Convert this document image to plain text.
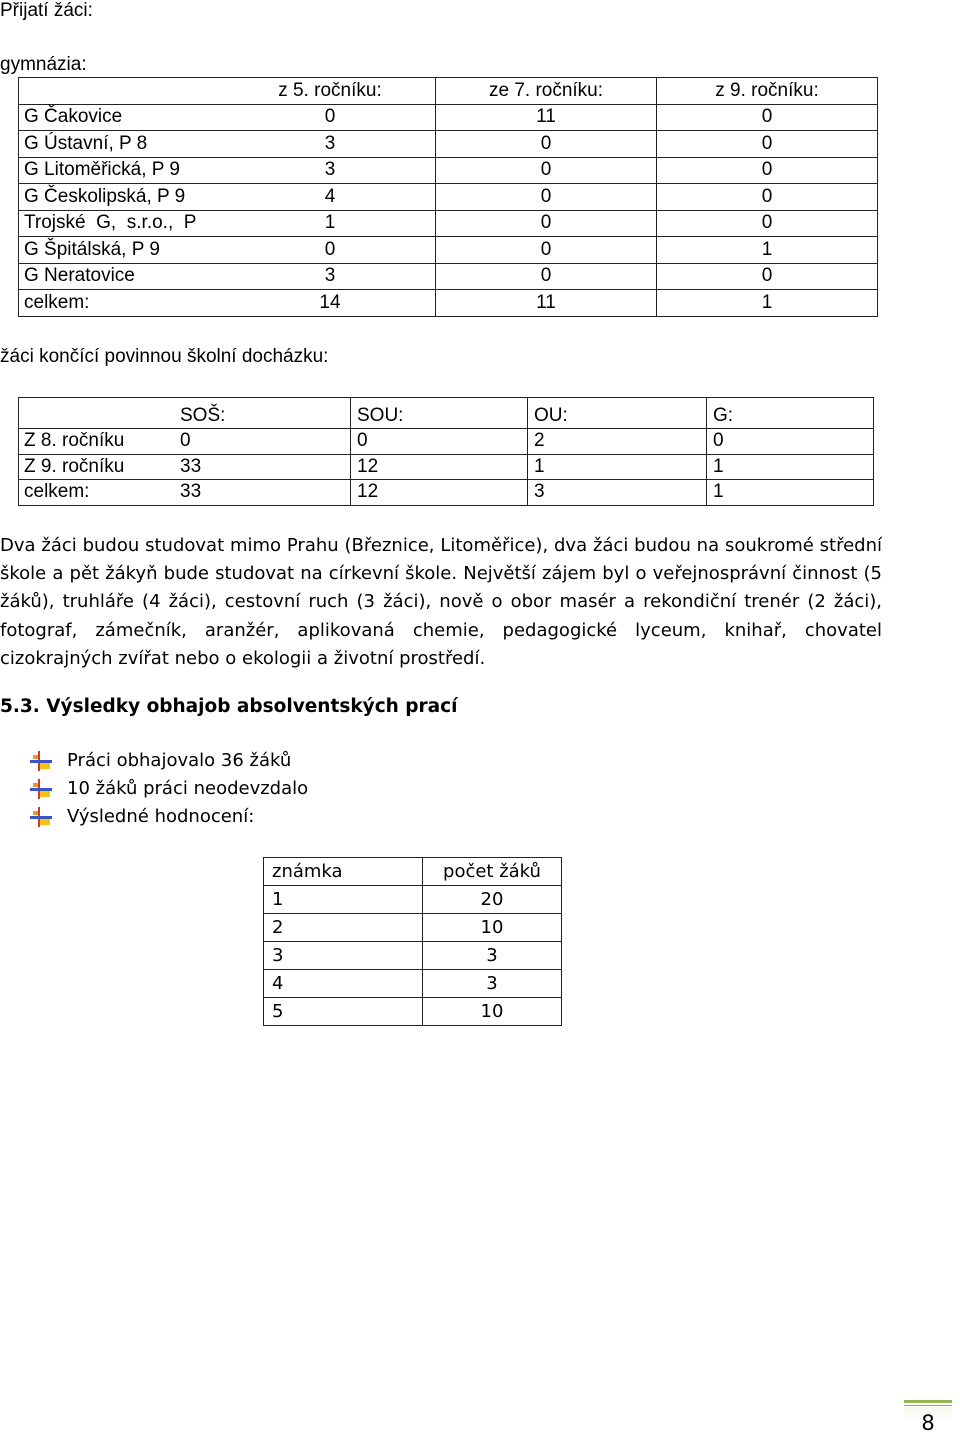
Přijatí žáci:
gymnázia:
	z 5. ročníku:	ze 7. ročníku:	z 9. ročníku:
G Čakovice	0	11	0
G Ústavní, P 8	3	0	0
G Litoměřická, P 9	3	0	0
G Českolipská, P 9	4	0	0
Trojské  G,  s.r.o.,  P	1	0	0
G Špitálská, P 9	0	0	1
G Neratovice	3	0	0
celkem:	14	11	1
žáci končící povinnou školní docházku:
	SOŠ:	SOU:	OU:	G:
Z 8. ročníku	0	0	2	0
Z 9. ročníku	33	12	1	1
celkem:	33	12	3	1
Dva žáci budou studovat mimo Prahu (Březnice, Litoměřice), dva žáci budou na soukromé střední škole a pět žákyň bude studovat na církevní škole. Největší zájem byl o veřejnosprávní činnost (5 žáků), truhláře (4 žáci), cestovní ruch (3 žáci), nově o obor masér a rekondiční trenér (2 žáci), fotograf, zámečník, aranžér, aplikovaná chemie, pedagogické lyceum, knihař, chovatel cizokrajných zvířat nebo o ekologii a životní prostředí.
5.3. Výsledky obhajob absolventských prací
Práci obhajovalo 36 žáků
10 žáků práci neodevzdalo
Výsledné hodnocení:
známka	počet žáků
1	20
2	10
3	3
4	3
5	10
8
